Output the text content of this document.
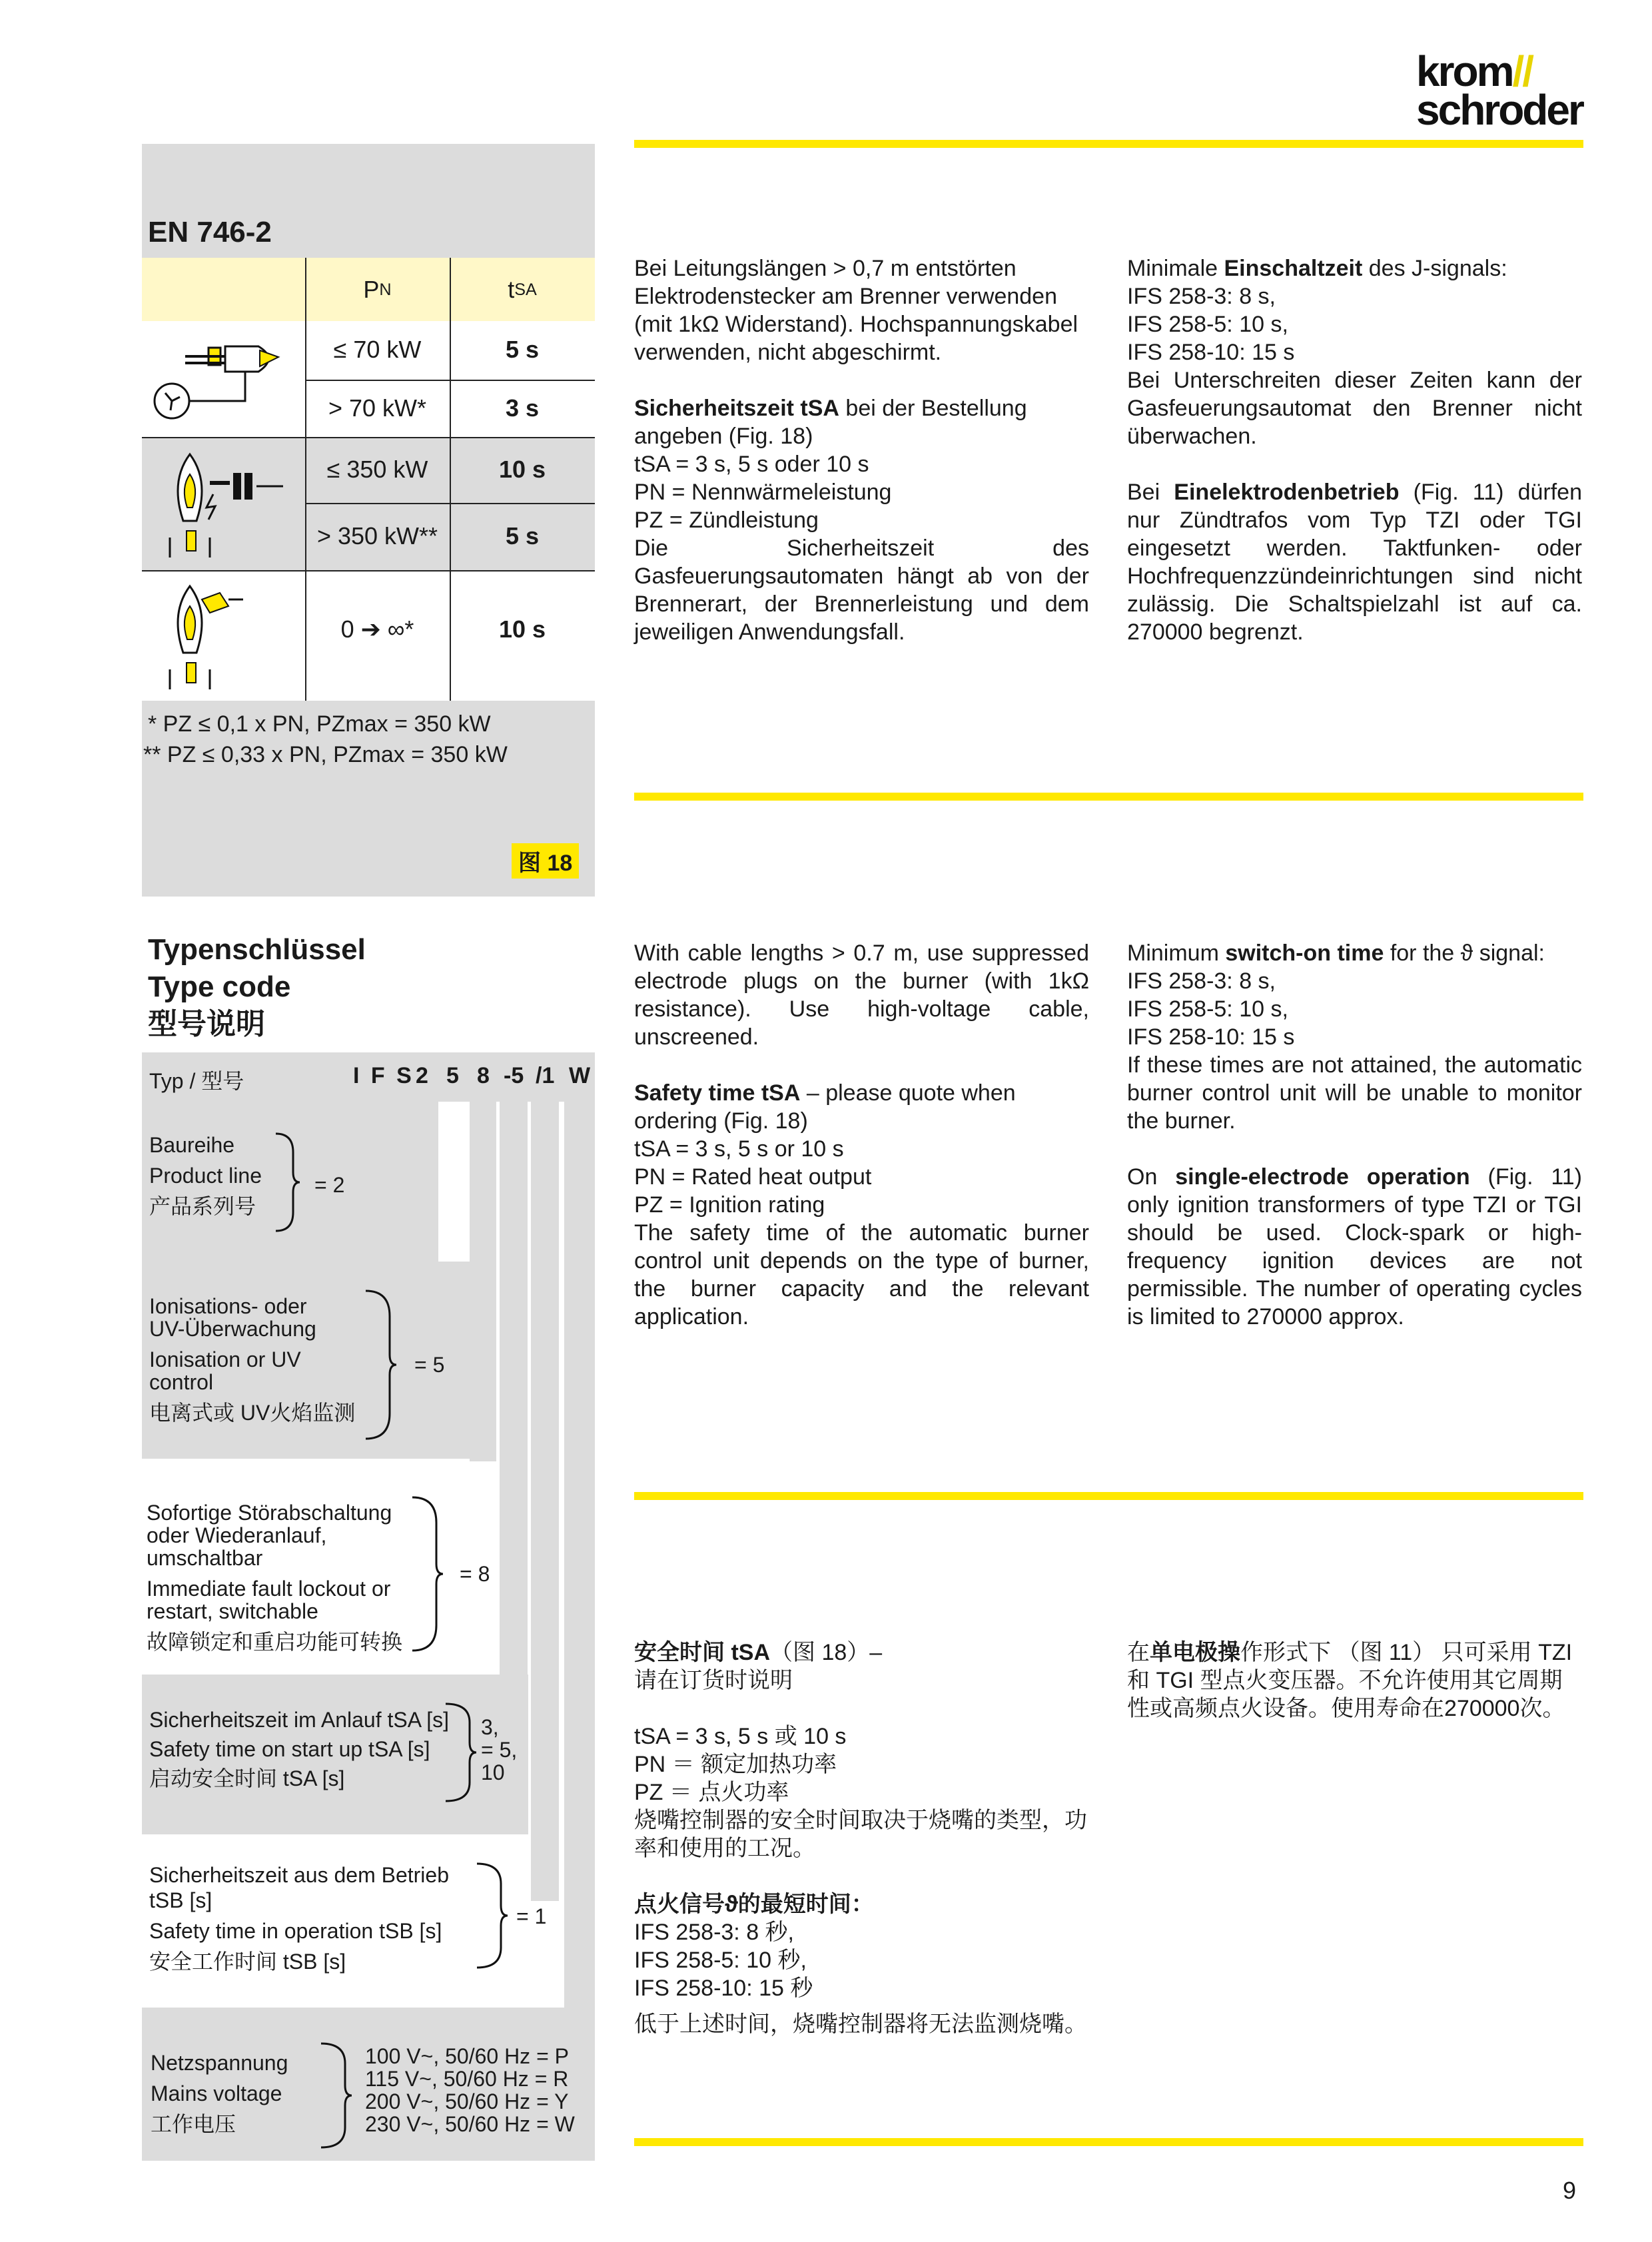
krom//
schroder
EN 746-2
P N	t SA
≤ 70 kW	5 s
> 70 kW*	3 s
≤ 350 kW	10 s
> 350 kW**	5 s
0 ➔ ∞*	10 s
* PZ ≤ 0,1 x PN, PZmax = 350 kW
** PZ ≤ 0,33 x PN, PZmax = 350 kW
图 18
Bei Leitungslängen > 0,7 m entstörten Elektrodenstecker am Brenner verwenden (mit 1kΩ Widerstand). Hochspannungskabel verwenden, nicht abgeschirmt.
Sicherheitszeit tSA bei der Bestellung angeben (Fig. 18)
tSA = 3 s, 5 s oder 10 s
PN = Nennwärmeleistung
PZ = Zündleistung
Die Sicherheitszeit des Gasfeuerungsautomaten hängt ab von der Brennerart, der Brennerleistung und dem jeweiligen Anwendungsfall.
Minimale Einschaltzeit des J-signals:
IFS 258-3: 8 s,
IFS 258-5: 10 s,
IFS 258-10: 15 s
Bei Unterschreiten dieser Zeiten kann der Gasfeuerungsautomat den Brenner nicht überwachen.
Bei Einelektrodenbetrieb (Fig. 11) dürfen nur Zündtrafos vom Typ TZI oder TGI eingesetzt werden. Taktfunken- oder Hochfrequenzzündeinrichtungen sind nicht zulässig. Die Schaltspielzahl ist auf ca. 270000 begrenzt.
With cable lengths > 0.7 m, use suppressed electrode plugs on the burner (with 1kΩ resistance). Use high-voltage cable, unscreened.
Safety time tSA – please quote when ordering (Fig. 18)
tSA = 3 s, 5 s or 10 s
PN = Rated heat output
PZ = Ignition rating
The safety time of the automatic burner control unit depends on the type of burner, the burner capacity and the relevant application.
Minimum switch-on time for the ϑ signal:
IFS 258-3: 8 s,
IFS 258-5: 10 s,
IFS 258-10: 15 s
If these times are not attained, the automatic burner control unit will be unable to monitor the burner.
On single-electrode operation (Fig. 11) only ignition transformers of type TZI or TGI should be used. Clock-spark or high-frequency ignition devices are not permissible. The number of operating cycles is limited to 270000 approx.
安全时间 tSA（图 18）–
请在订货时说明
tSA = 3 s, 5 s 或 10 s
PN ＝ 额定加热功率
PZ ＝ 点火功率
烧嘴控制器的安全时间取决于烧嘴的类型，功率和使用的工况。
点火信号ϑ的最短时间：
IFS 258-3: 8 秒,
IFS 258-5: 10 秒,
IFS 258-10: 15 秒
低于上述时间，烧嘴控制器将无法监测烧嘴。
在单电极操作形式下 （图 11） 只可采用 TZI 和 TGI 型点火变压器。不允许使用其它周期性或高频点火设备。使用寿命在270000次。
Typenschlüssel
Type code
型号说明
Typ / 型号	I F S 2 5 8 -5 /1 W
Baureihe
Product line
产品系列号
= 2
Ionisations- oder
UV-Überwachung
Ionisation or UV
control
电离式或 UV火焰监测
= 5
Sofortige Störabschaltung
oder Wiederanlauf,
umschaltbar
Immediate fault lockout or
restart, switchable
故障锁定和重启功能可转换
= 8
Sicherheitszeit im Anlauf tSA [s]
Safety time on start up tSA [s]
启动安全时间 tSA [s]
3,
= 5,
10
Sicherheitszeit aus dem Betrieb
tSB [s]
Safety time in operation tSB [s]
安全工作时间 tSB [s]
= 1
Netzspannung
Mains voltage
工作电压
100 V~, 50/60 Hz = P
115 V~, 50/60 Hz = R
200 V~, 50/60 Hz = Y
230 V~, 50/60 Hz = W
9
